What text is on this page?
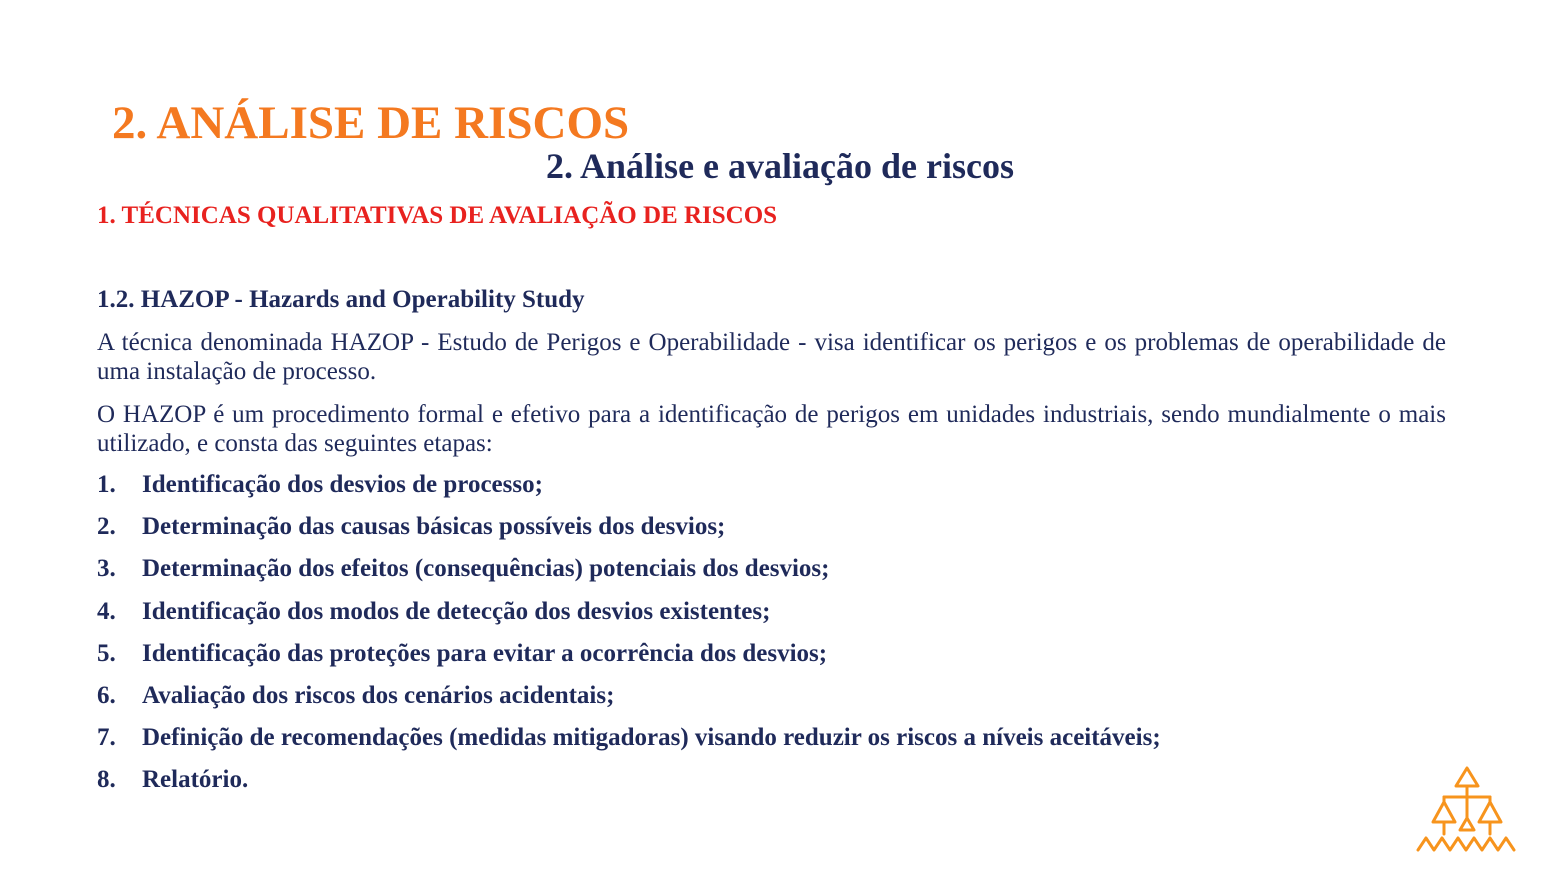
2. ANÁLISE DE RISCOS
2. Análise e avaliação de riscos
1. TÉCNICAS QUALITATIVAS DE AVALIAÇÃO DE RISCOS
1.2. HAZOP - Hazards and Operability Study

A técnica denominada HAZOP - Estudo de Perigos e Operabilidade - visa identificar os perigos e os problemas de operabilidade de uma instalação de processo.

O HAZOP é um procedimento formal e efetivo para a identificação de perigos em unidades industriais, sendo mundialmente o mais utilizado, e consta das seguintes etapas:

1.	Identificação dos desvios de processo;
2.	Determinação das causas básicas possíveis dos desvios;
3.	Determinação dos efeitos (consequências) potenciais dos desvios;
4.	Identificação dos modos de detecção dos desvios existentes;
5.	Identificação das proteções para evitar a ocorrência dos desvios;
6.	Avaliação dos riscos dos cenários acidentais;
7.	Definição de recomendações (medidas mitigadoras) visando reduzir os riscos a níveis aceitáveis;
8.	Relatório.
